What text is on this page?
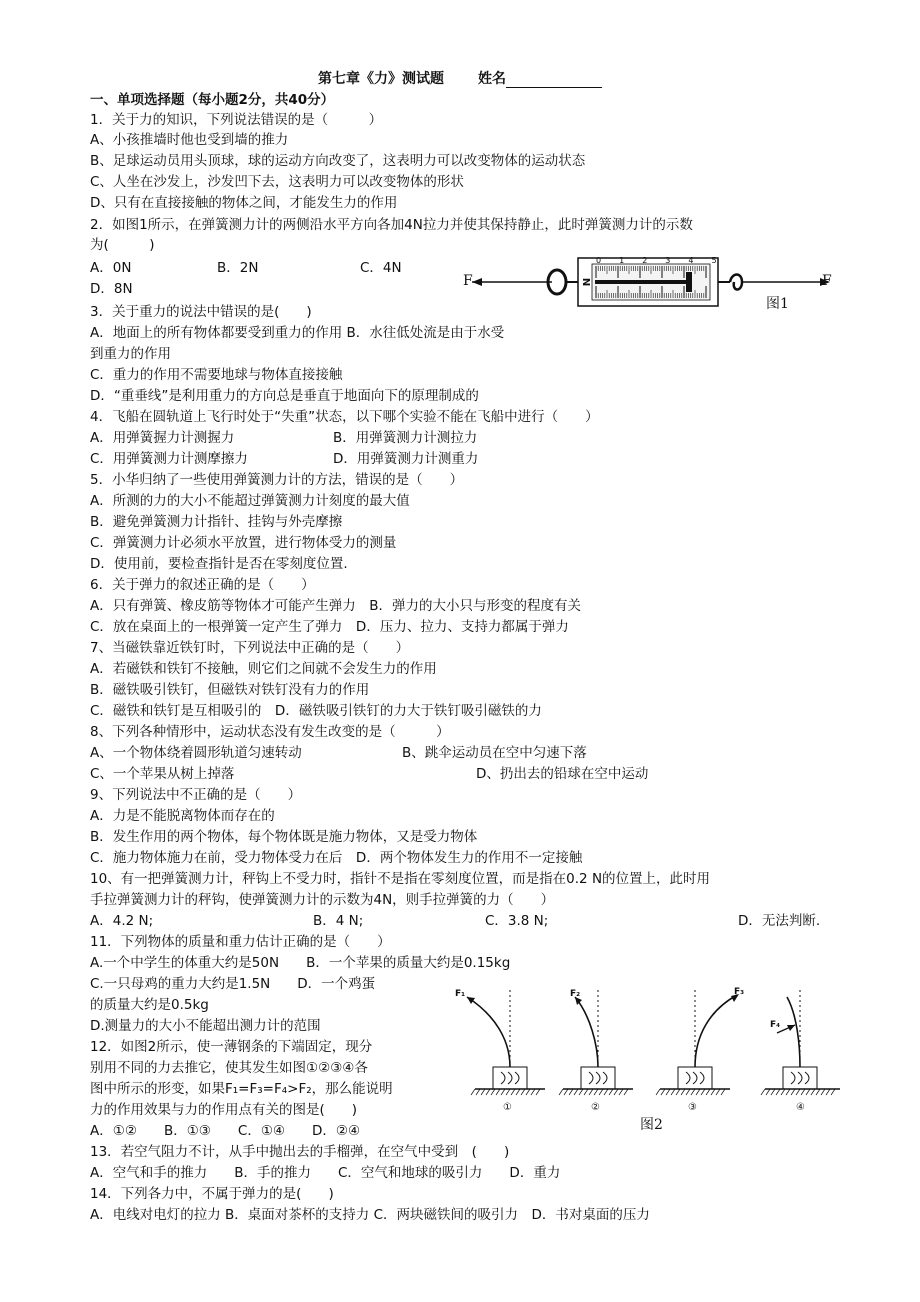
第七章《力》测试题 姓名
一、单项选择题（每小题2分，共40分）
1．关于力的知识，下列说法错误的是（　　　）
A、小孩推墙时他也受到墙的推力
B、足球运动员用头顶球，球的运动方向改变了，这表明力可以改变物体的运动状态
C、人坐在沙发上，沙发凹下去，这表明力可以改变物体的形状
D、只有在直接接触的物体之间，才能发生力的作用
2．如图1所示，在弹簧测力计的两侧沿水平方向各加4N拉力并使其保持静止，此时弹簧测力计的示数
为(　　　)
A．0N	B．2N	C．4N
D．8N	F	F
N
0 1 2 3 4 5
图1
3．关于重力的说法中错误的是(　　)
A．地面上的所有物体都要受到重力的作用 B．水往低处流是由于水受
到重力的作用
C．重力的作用不需要地球与物体直接接触
D．“重垂线”是利用重力的方向总是垂直于地面向下的原理制成的
4．飞船在圆轨道上飞行时处于“失重”状态，以下哪个实验不能在飞船中进行（　　）
A．用弹簧握力计测握力	B．用弹簧测力计测拉力
C．用弹簧测力计测摩擦力	D．用弹簧测力计测重力
5．小华归纳了一些使用弹簧测力计的方法，错误的是（　　）
A．所测的力的大小不能超过弹簧测力计刻度的最大值
B．避免弹簧测力计指针、挂钩与外壳摩擦
C．弹簧测力计必须水平放置，进行物体受力的测量
D．使用前，要检查指针是否在零刻度位置.
6．关于弹力的叙述正确的是（　　）
A．只有弹簧、橡皮筋等物体才可能产生弹力　B．弹力的大小只与形变的程度有关
C．放在桌面上的一根弹簧一定产生了弹力　D．压力、拉力、支持力都属于弹力
7、当磁铁靠近铁钉时，下列说法中正确的是（　　）
A．若磁铁和铁钉不接触，则它们之间就不会发生力的作用
B．磁铁吸引铁钉，但磁铁对铁钉没有力的作用
C．磁铁和铁钉是互相吸引的　D．磁铁吸引铁钉的力大于铁钉吸引磁铁的力
8、下列各种情形中，运动状态没有发生改变的是（　　　）
A、一个物体绕着圆形轨道匀速转动	B、跳伞运动员在空中匀速下落
C、一个苹果从树上掉落	D、扔出去的铅球在空中运动
9、下列说法中不正确的是（　　）
A．力是不能脱离物体而存在的
B．发生作用的两个物体，每个物体既是施力物体，又是受力物体
C．施力物体施力在前，受力物体受力在后　D．两个物体发生力的作用不一定接触
10、有一把弹簧测力计，秤钩上不受力时，指针不是指在零刻度位置，而是指在0.2 N的位置上，此时用
手拉弹簧测力计的秤钩，使弹簧测力计的示数为4N，则手拉弹簧的力（　　）
A．4.2 N;	B．4 N;	C．3.8 N;	D．无法判断.
11．下列物体的质量和重力估计正确的是（　　）
A.一个中学生的体重大约是50N　　B．一个苹果的质量大约是0.15kg
C.一只母鸡的重力大约是1.5N　　D．一个鸡蛋
的质量大约是0.5kg
D.测量力的大小不能超出测力计的范围
12．如图2所示，使一薄钢条的下端固定，现分
别用不同的力去推它，使其发生如图①②③④各
图中所示的形变，如果F₁=F₃=F₄>F₂，那么能说明
力的作用效果与力的作用点有关的图是(　　)
A．①②　　B．①③　　C．①④　　D．②④
F₁	F₂	F₃
F₄
①	②	③	④
图2
13．若空气阻力不计，从手中抛出去的手榴弹，在空气中受到　(　　)
A．空气和手的推力　　B．手的推力　　C．空气和地球的吸引力　　D．重力
14．下列各力中，不属于弹力的是(　　)
A．电线对电灯的拉力 B．桌面对茶杯的支持力 C．两块磁铁间的吸引力　D．书对桌面的压力
